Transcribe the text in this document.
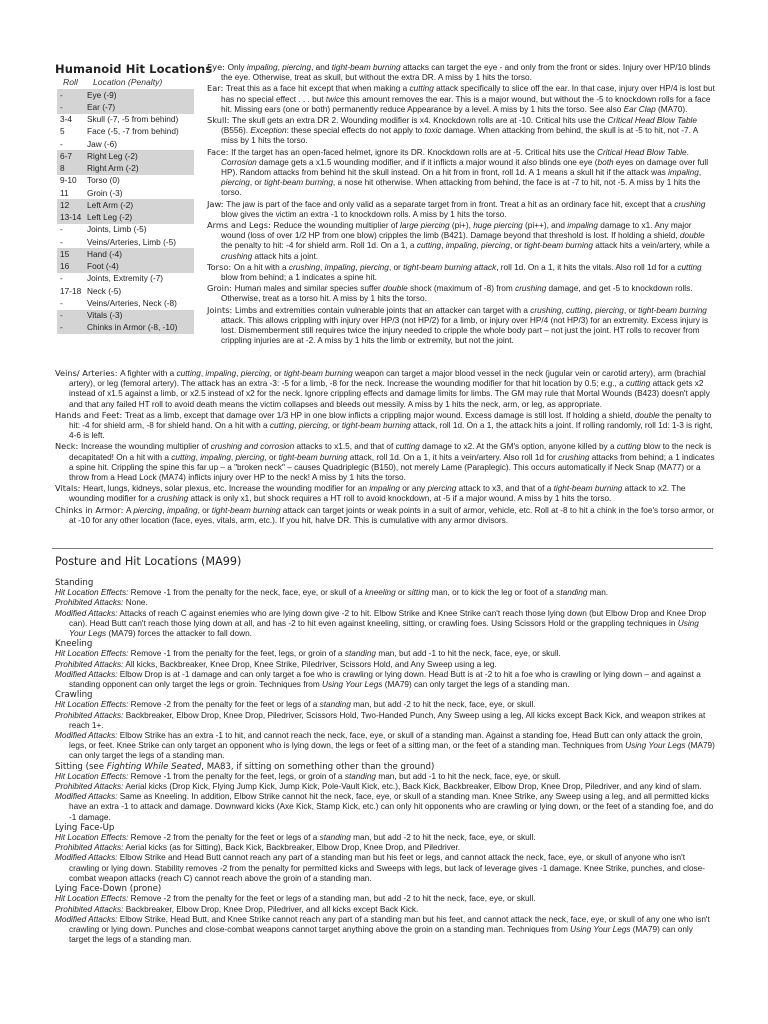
Humanoid Hit Locations
Roll Location (Penalty)
-	Eye (-9)
-	Ear (-7)
3-4	Skull (-7, -5 from behind)
5	Face (-5, -7 from behind)
-	Jaw (-6)
6-7	Right Leg (-2)
8	Right Arm (-2)
9-10	Torso (0)
11	Groin (-3)
12	Left Arm (-2)
13-14	Left Leg (-2)
-	Joints, Limb (-5)
-	Veins/Arteries, Limb (-5)
15	Hand (-4)
16	Foot (-4)
-	Joints, Extremity (-7)
17-18	Neck (-5)
-	Veins/Arteries, Neck (-8)
-	Vitals (-3)
-	Chinks in Armor (-8, -10)

Eye: Only impaling, piercing, and tight-beam burning attacks can target the eye - and only from the front or sides. Injury over HP/10 blinds the eye. Otherwise, treat as skull, but without the extra DR. A miss by 1 hits the torso.

Ear: Treat this as a face hit except that when making a cutting attack specifically to slice off the ear. In that case, injury over HP/4 is lost but has no special effect . . . but twice this amount removes the ear. This is a major wound, but without the -5 to knockdown rolls for a face hit. Missing ears (one or both) permanently reduce Appearance by a level. A miss by 1 hits the torso. See also Ear Clap (MA70).

Skull: The skull gets an extra DR 2. Wounding modifier is x4. Knockdown rolls are at -10. Critical hits use the Critical Head Blow Table (B556). Exception: these special effects do not apply to toxic damage. When attacking from behind, the skull is at -5 to hit, not -7. A miss by 1 hits the torso.

Face: If the target has an open-faced helmet, ignore its DR. Knockdown rolls are at -5. Critical hits use the Critical Head Blow Table. Corrosion damage gets a x1.5 wounding modifier, and if it inflicts a major wound it also blinds one eye (both eyes on damage over full HP). Random attacks from behind hit the skull instead. On a hit from in front, roll 1d. A 1 means a skull hit if the attack was impaling, piercing, or tight-beam burning, a nose hit otherwise. When attacking from behind, the face is at -7 to hit, not -5. A miss by 1 hits the torso.

Jaw: The jaw is part of the face and only valid as a separate target from in front. Treat a hit as an ordinary face hit, except that a crushing blow gives the victim an extra -1 to knockdown rolls. A miss by 1 hits the torso.

Arms and Legs: Reduce the wounding multiplier of large piercing (pi+), huge piercing (pi++), and impaling damage to x1. Any major wound (loss of over 1/2 HP from one blow) cripples the limb (B421). Damage beyond that threshold is lost. If holding a shield, double the penalty to hit: -4 for shield arm. Roll 1d. On a 1, a cutting, impaling, piercing, or tight-beam burning attack hits a vein/artery, while a crushing attack hits a joint.

Torso: On a hit with a crushing, impaling, piercing, or tight-beam burning attack, roll 1d. On a 1, it hits the vitals. Also roll 1d for a cutting blow from behind; a 1 indicates a spine hit.

Groin: Human males and similar species suffer double shock (maximum of -8) from crushing damage, and get -5 to knockdown rolls. Otherwise, treat as a torso hit. A miss by 1 hits the torso.

Joints: Limbs and extremities contain vulnerable joints that an attacker can target with a crushing, cutting, piercing, or tight-beam burning attack. This allows crippling with injury over HP/3 (not HP/2) for a limb, or injury over HP/4 (not HP/3) for an extremity. Excess injury is lost. Dismemberment still requires twice the injury needed to cripple the whole body part – not just the joint. HT rolls to recover from crippling injuries are at -2. A miss by 1 hits the limb or extremity, but not the joint.

Veins/ Arteries: A fighter with a cutting, impaling, piercing, or tight-beam burning weapon can target a major blood vessel in the neck (jugular vein or carotid artery), arm (brachial artery), or leg (femoral artery). The attack has an extra -3: -5 for a limb, -8 for the neck. Increase the wounding modifier for that hit location by 0.5; e.g., a cutting attack gets x2 instead of x1.5 against a limb, or x2.5 instead of x2 for the neck. Ignore crippling effects and damage limits for limbs. The GM may rule that Mortal Wounds (B423) doesn't apply and that any failed HT roll to avoid death means the victim collapses and bleeds out messily. A miss by 1 hits the neck, arm, or leg, as appropriate.

Hands and Feet: Treat as a limb, except that damage over 1/3 HP in one blow inflicts a crippling major wound. Excess damage is still lost. If holding a shield, double the penalty to hit: -4 for shield arm, -8 for shield hand. On a hit with a cutting, piercing, or tight-beam burning attack, roll 1d. On a 1, the attack hits a joint. If rolling randomly, roll 1d: 1-3 is right, 4-6 is left.

Neck: Increase the wounding multiplier of crushing and corrosion attacks to x1.5, and that of cutting damage to x2. At the GM's option, anyone killed by a cutting blow to the neck is decapitated! On a hit with a cutting, impaling, piercing, or tight-beam burning attack, roll 1d. On a 1, it hits a vein/artery. Also roll 1d for crushing attacks from behind; a 1 indicates a spine hit. Crippling the spine this far up – a "broken neck" – causes Quadriplegic (B150), not merely Lame (Paraplegic). This occurs automatically if Neck Snap (MA77) or a throw from a Head Lock (MA74) inflicts injury over HP to the neck! A miss by 1 hits the torso.

Vitals: Heart, lungs, kidneys, solar plexus, etc. Increase the wounding modifier for an impaling or any piercing attack to x3, and that of a tight-beam burning attack to x2. The wounding modifier for a crushing attack is only x1, but shock requires a HT roll to avoid knockdown, at -5 if a major wound. A miss by 1 hits the torso.

Chinks in Armor: A piercing, impaling, or tight-beam burning attack can target joints or weak points in a suit of armor, vehicle, etc. Roll at -8 to hit a chink in the foe's torso armor, or at -10 for any other location (face, eyes, vitals, arm, etc.). If you hit, halve DR. This is cumulative with any armor divisors.

Posture and Hit Locations (MA99)

Standing

Hit Location Effects: Remove -1 from the penalty for the neck, face, eye, or skull of a kneeling or sitting man, or to kick the leg or foot of a standing man.

Prohibited Attacks: None.

Modified Attacks: Attacks of reach C against enemies who are lying down give -2 to hit. Elbow Strike and Knee Strike can't reach those lying down (but Elbow Drop and Knee Drop can). Head Butt can't reach those lying down at all, and has -2 to hit even against kneeling, sitting, or crawling foes. Using Scissors Hold or the grappling techniques in Using Your Legs (MA79) forces the attacker to fall down.

Kneeling

Hit Location Effects: Remove -1 from the penalty for the feet, legs, or groin of a standing man, but add -1 to hit the neck, face, eye, or skull.

Prohibited Attacks: All kicks, Backbreaker, Knee Drop, Knee Strike, Piledriver, Scissors Hold, and Any Sweep using a leg.

Modified Attacks: Elbow Drop is at -1 damage and can only target a foe who is crawling or lying down. Head Butt is at -2 to hit a foe who is crawling or lying down – and against a standing opponent can only target the legs or groin. Techniques from Using Your Legs (MA79) can only target the legs of a standing man.

Crawling

Hit Location Effects: Remove -2 from the penalty for the feet or legs of a standing man, but add -2 to hit the neck, face, eye, or skull.

Prohibited Attacks: Backbreaker, Elbow Drop, Knee Drop, Piledriver, Scissors Hold, Two-Handed Punch, Any Sweep using a leg, All kicks except Back Kick, and weapon strikes at reach 1+.

Modified Attacks: Elbow Strike has an extra -1 to hit, and cannot reach the neck, face, eye, or skull of a standing man. Against a standing foe, Head Butt can only attack the groin, legs, or feet. Knee Strike can only target an opponent who is lying down, the legs or feet of a sitting man, or the feet of a standing man. Techniques from Using Your Legs (MA79) can only target the legs of a standing man.

Sitting (see Fighting While Seated, MA83, if sitting on something other than the ground)

Hit Location Effects: Remove -1 from the penalty for the feet, legs, or groin of a standing man, but add -1 to hit the neck, face, eye, or skull.

Prohibited Attacks: Aerial kicks (Drop Kick, Flying Jump Kick, Jump Kick, Pole-Vault Kick, etc.), Back Kick, Backbreaker, Elbow Drop, Knee Drop, Piledriver, and any kind of slam.

Modified Attacks: Same as Kneeling. In addition, Elbow Strike cannot hit the neck, face, eye, or skull of a standing man. Knee Strike, any Sweep using a leg, and all permitted kicks have an extra -1 to attack and damage. Downward kicks (Axe Kick, Stamp Kick, etc.) can only hit opponents who are crawling or lying down, or the feet of a standing foe, and do -1 damage.

Lying Face-Up

Hit Location Effects: Remove -2 from the penalty for the feet or legs of a standing man, but add -2 to hit the neck, face, eye, or skull.

Prohibited Attacks: Aerial kicks (as for Sitting), Back Kick, Backbreaker, Elbow Drop, Knee Drop, and Piledriver.

Modified Attacks: Elbow Strike and Head Butt cannot reach any part of a standing man but his feet or legs, and cannot attack the neck, face, eye, or skull of anyone who isn't crawling or lying down. Stability removes -2 from the penalty for permitted kicks and Sweeps with legs, but lack of leverage gives -1 damage. Knee Strike, punches, and close-combat weapon attacks (reach C) cannot reach above the groin of a standing man.

Lying Face-Down (prone)

Hit Location Effects: Remove -2 from the penalty for the feet or legs of a standing man, but add -2 to hit the neck, face, eye, or skull.

Prohibited Attacks: Backbreaker, Elbow Drop, Knee Drop, Piledriver, and all kicks except Back Kick.

Modified Attacks: Elbow Strike, Head Butt, and Knee Strike cannot reach any part of a standing man but his feet, and cannot attack the neck, face, eye, or skull of any one who isn't crawling or lying down. Punches and close-combat weapons cannot target anything above the groin on a standing man. Techniques from Using Your Legs (MA79) can only target the legs of a standing man.
